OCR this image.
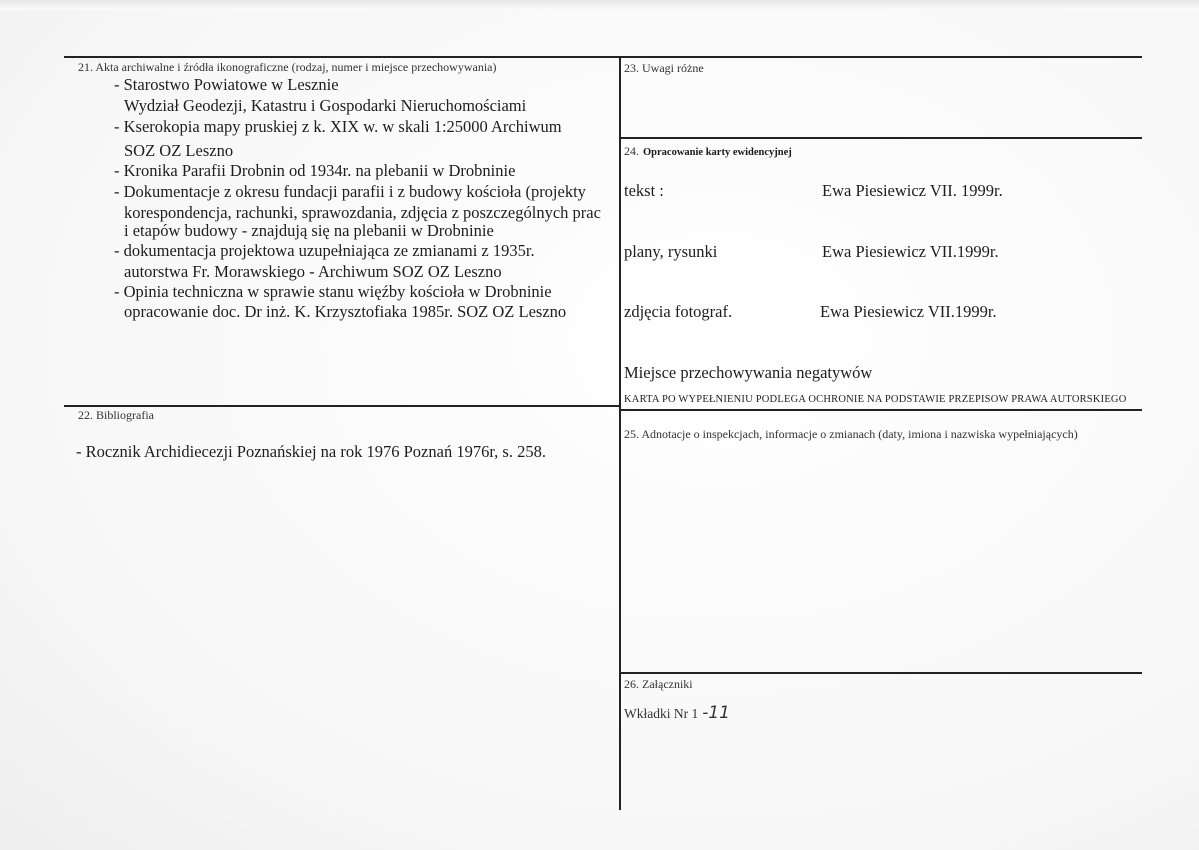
21. Akta archiwalne i źródła ikonograficzne (rodzaj, numer i miejsce przechowywania)
- Starostwo Powiatowe w Lesznie
Wydział Geodezji, Katastru i Gospodarki Nieruchomościami
- Kserokopia mapy pruskiej z k. XIX w. w skali 1:25000 Archiwum
SOZ OZ Leszno
- Kronika Parafii Drobnin od 1934r. na plebanii w Drobninie
- Dokumentacje z okresu fundacji parafii i z budowy kościoła (projekty
korespondencja, rachunki, sprawozdania, zdjęcia z poszczególnych prac
i etapów budowy - znajdują się na plebanii w Drobninie
- dokumentacja projektowa uzupełniająca ze zmianami z 1935r.
autorstwa Fr. Morawskiego - Archiwum SOZ OZ Leszno
- Opinia techniczna w sprawie stanu więźby kościoła w Drobninie
opracowanie doc. Dr inż. K. Krzysztofiaka 1985r. SOZ OZ Leszno
22. Bibliografia
- Rocznik Archidiecezji Poznańskiej na rok 1976 Poznań 1976r, s. 258.
23. Uwagi różne
24. Opracowanie karty ewidencyjnej
tekst :	Ewa Piesiewicz VII. 1999r.
plany, rysunki	Ewa Piesiewicz VII.1999r.
zdjęcia fotograf.	Ewa Piesiewicz VII.1999r.
Miejsce przechowywania negatywów
KARTA PO WYPEŁNIENIU PODLEGA OCHRONIE NA PODSTAWIE PRZEPISÓW PRAWA AUTORSKIEGO
25. Adnotacje o inspekcjach, informacje o zmianach (daty, imiona i nazwiska wypełniających)
26. Załączniki
Wkładki Nr 1 -11
